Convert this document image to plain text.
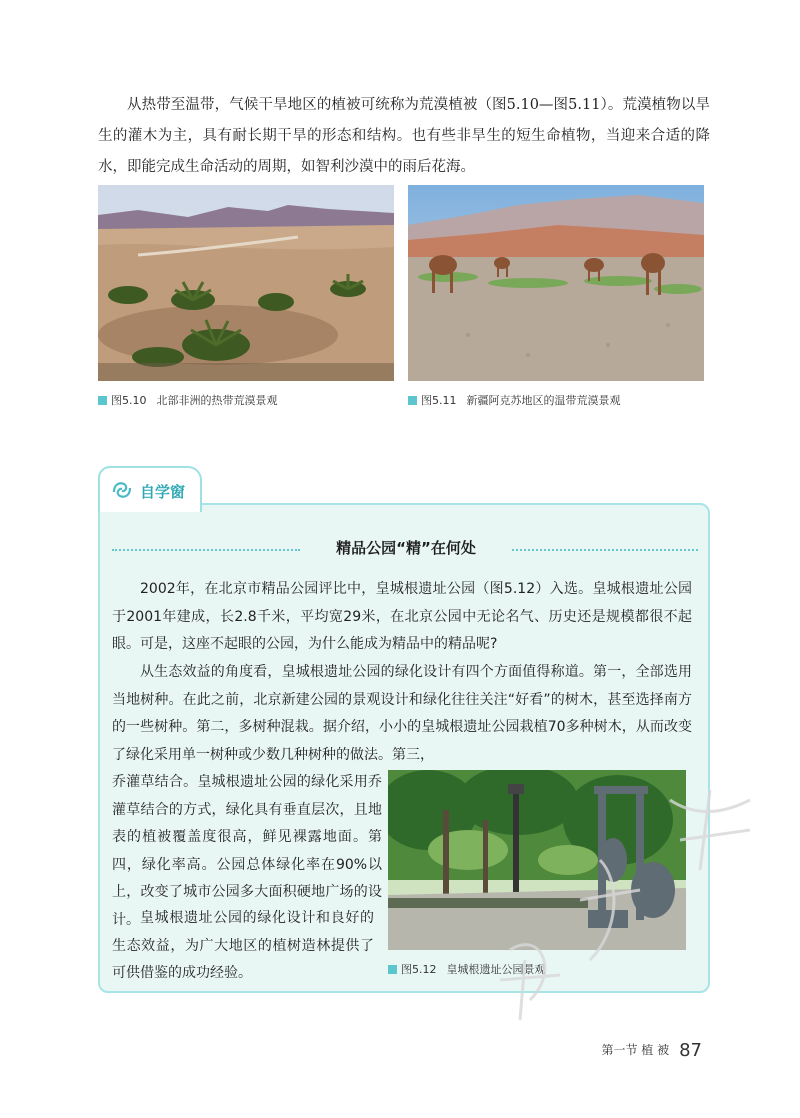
从热带至温带，气候干旱地区的植被可统称为荒漠植被（图5.10—图5.11）。荒漠植物以旱生的灌木为主，具有耐长期干旱的形态和结构。也有些非旱生的短生命植物，当迎来合适的降水，即能完成生命活动的周期，如智利沙漠中的雨后花海。

图5.10 北部非洲的热带荒漠景观	图5.11 新疆阿克苏地区的温带荒漠景观
自学窗
精品公园“精”在何处

2002年，在北京市精品公园评比中，皇城根遗址公园（图5.12）入选。皇城根遗址公园于2001年建成，长2.8千米，平均宽29米，在北京公园中无论名气、历史还是规模都很不起眼。可是，这座不起眼的公园，为什么能成为精品中的精品呢?

从生态效益的角度看，皇城根遗址公园的绿化设计有四个方面值得称道。第一，全部选用当地树种。在此之前，北京新建公园的景观设计和绿化往往关注“好看”的树木，甚至选择南方的一些树种。第二，多树种混栽。据介绍，小小的皇城根遗址公园栽植70多种树木，从而改变了绿化采用单一树种或少数几种树种的做法。第三，

乔灌草结合。皇城根遗址公园的绿化采用乔灌草结合的方式，绿化具有垂直层次，且地表的植被覆盖度很高，鲜见裸露地面。第四，绿化率高。公园总体绿化率在90%以上，改变了城市公园多大面积硬地广场的设计。 皇城根遗址公园的绿化设计和良好的生态效益，为广大地区的植树造林提供了可供借鉴的成功经验。	图5.12 皇城根遗址公园景观
第一节 植 被 87
